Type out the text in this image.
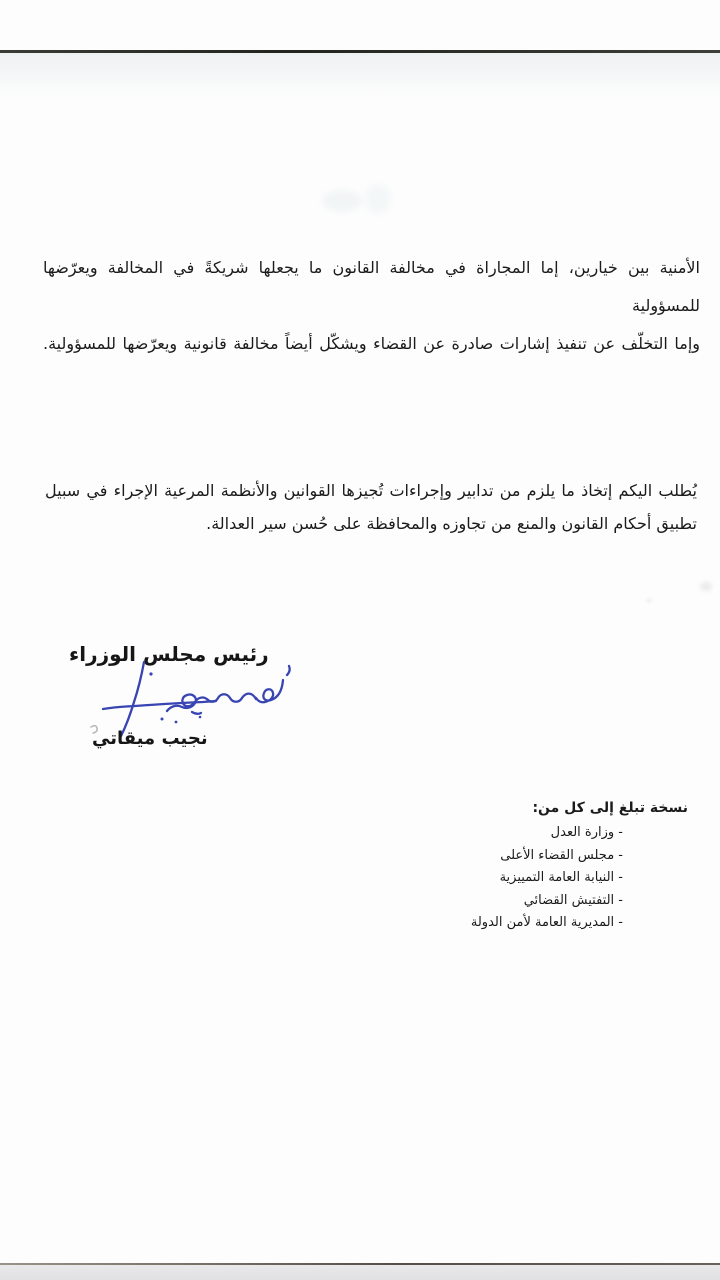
الأمنية بين خيارين، إما المجاراة في مخالفة القانون ما يجعلها شريكةً في المخالفة ويعرّضها للمسؤولية
وإما التخلّف عن تنفيذ إشارات صادرة عن القضاء ويشكّل أيضاً مخالفة قانونية ويعرّضها للمسؤولية.
يُطلب اليكم إتخاذ ما يلزم من تدابير وإجراءات تُجيزها القوانين والأنظمة المرعية الإجراء في سبيل
تطبيق أحكام القانون والمنع من تجاوزه والمحافظة على حُسن سير العدالة.
رئيس مجلس الوزراء
نجيب ميقاتي
نسخة تبلغ إلى كل من:
- وزارة العدل
- مجلس القضاء الأعلى
- النيابة العامة التمييزية
- التفتيش القضائي
- المديرية العامة لأمن الدولة
